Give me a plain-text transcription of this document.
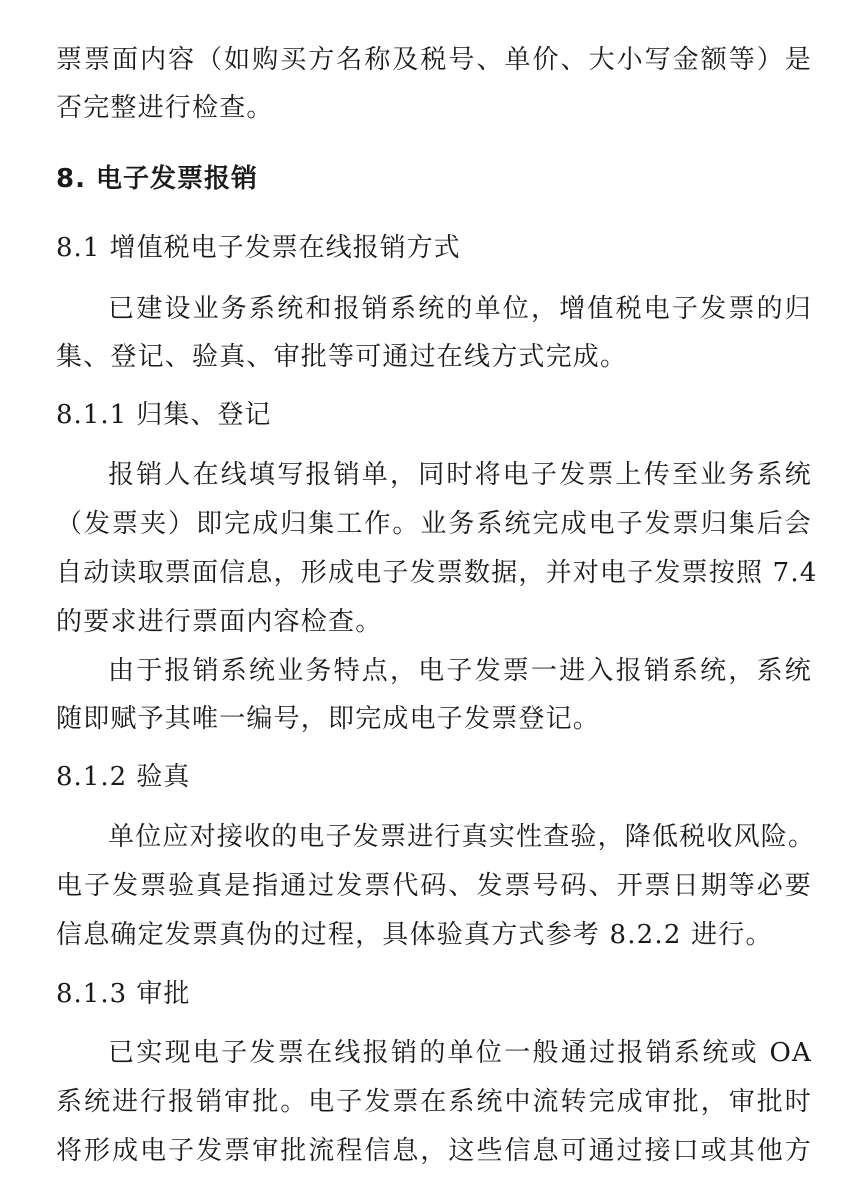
票票面内容（如购买方名称及税号、单价、大小写金额等）是
否完整进行检查。
8. 电子发票报销
8.1 增值税电子发票在线报销方式
已建设业务系统和报销系统的单位，增值税电子发票的归
集、登记、验真、审批等可通过在线方式完成。
8.1.1 归集、登记
报销人在线填写报销单，同时将电子发票上传至业务系统
（发票夹）即完成归集工作。业务系统完成电子发票归集后会
自动读取票面信息，形成电子发票数据，并对电子发票按照 7.4
的要求进行票面内容检查。
由于报销系统业务特点，电子发票一进入报销系统，系统
随即赋予其唯一编号，即完成电子发票登记。
8.1.2 验真
单位应对接收的电子发票进行真实性查验，降低税收风险。
电子发票验真是指通过发票代码、发票号码、开票日期等必要
信息确定发票真伪的过程，具体验真方式参考 8.2.2 进行。
8.1.3 审批
已实现电子发票在线报销的单位一般通过报销系统或 OA
系统进行报销审批。电子发票在系统中流转完成审批，审批时
将形成电子发票审批流程信息，这些信息可通过接口或其他方
